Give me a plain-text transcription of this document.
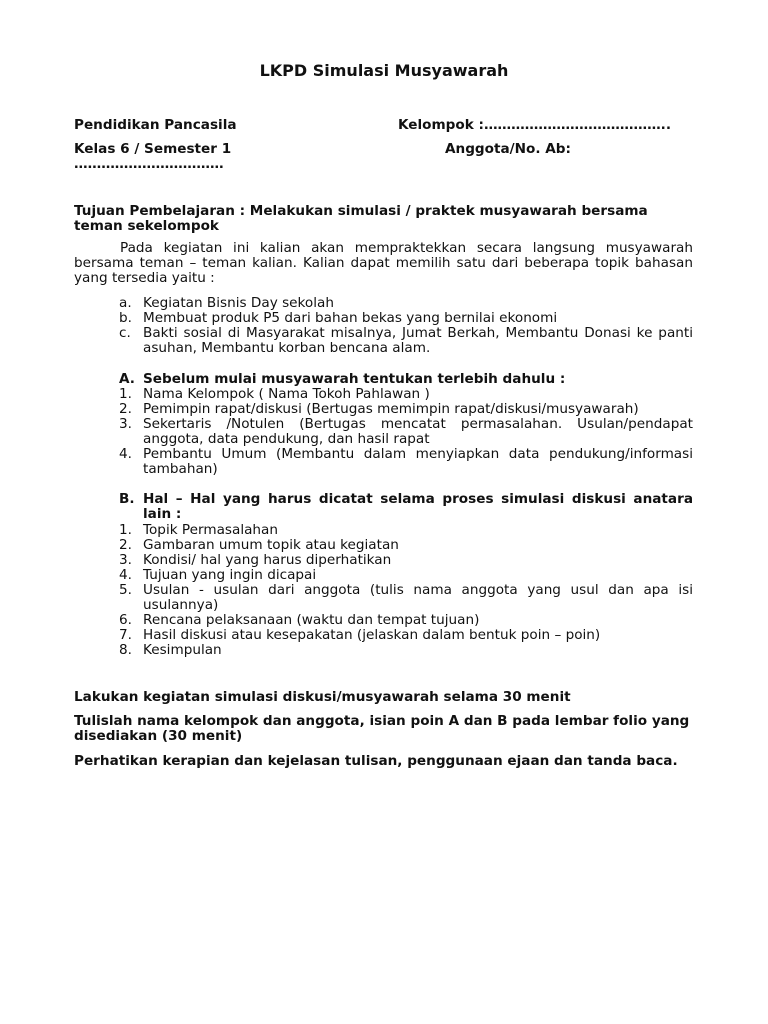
LKPD Simulasi Musyawarah
Pendidikan Pancasila	Kelompok :…………………………………..
Kelas 6 / Semester 1	Anggota/No. Ab:
……………………………
Tujuan Pembelajaran : Melakukan simulasi / praktek musyawarah bersama teman sekelompok
Pada kegiatan ini kalian akan mempraktekkan secara langsung musyawarah bersama teman – teman kalian. Kalian dapat memilih satu dari beberapa topik bahasan yang tersedia yaitu :
a. Kegiatan Bisnis Day sekolah
b. Membuat produk P5 dari bahan bekas yang bernilai ekonomi
c. Bakti sosial di Masyarakat misalnya, Jumat Berkah, Membantu Donasi ke panti asuhan, Membantu korban bencana alam.
A. Sebelum mulai musyawarah tentukan terlebih dahulu :
1. Nama Kelompok ( Nama Tokoh Pahlawan )
2. Pemimpin rapat/diskusi (Bertugas memimpin rapat/diskusi/musyawarah)
3. Sekertaris /Notulen (Bertugas mencatat permasalahan. Usulan/pendapat anggota, data pendukung, dan hasil rapat
4. Pembantu Umum (Membantu dalam menyiapkan data pendukung/informasi tambahan)
B. Hal – Hal yang harus dicatat selama proses simulasi diskusi anatara lain :
1. Topik Permasalahan
2. Gambaran umum topik atau kegiatan
3. Kondisi/ hal yang harus diperhatikan
4. Tujuan yang ingin dicapai
5. Usulan - usulan dari anggota (tulis nama anggota yang usul dan apa isi usulannya)
6. Rencana pelaksanaan (waktu dan tempat tujuan)
7. Hasil diskusi atau kesepakatan (jelaskan dalam bentuk poin – poin)
8. Kesimpulan
Lakukan kegiatan simulasi diskusi/musyawarah selama 30 menit
Tulislah nama kelompok dan anggota, isian poin A dan B pada lembar folio yang disediakan (30 menit)
Perhatikan kerapian dan kejelasan tulisan, penggunaan ejaan dan tanda baca.
